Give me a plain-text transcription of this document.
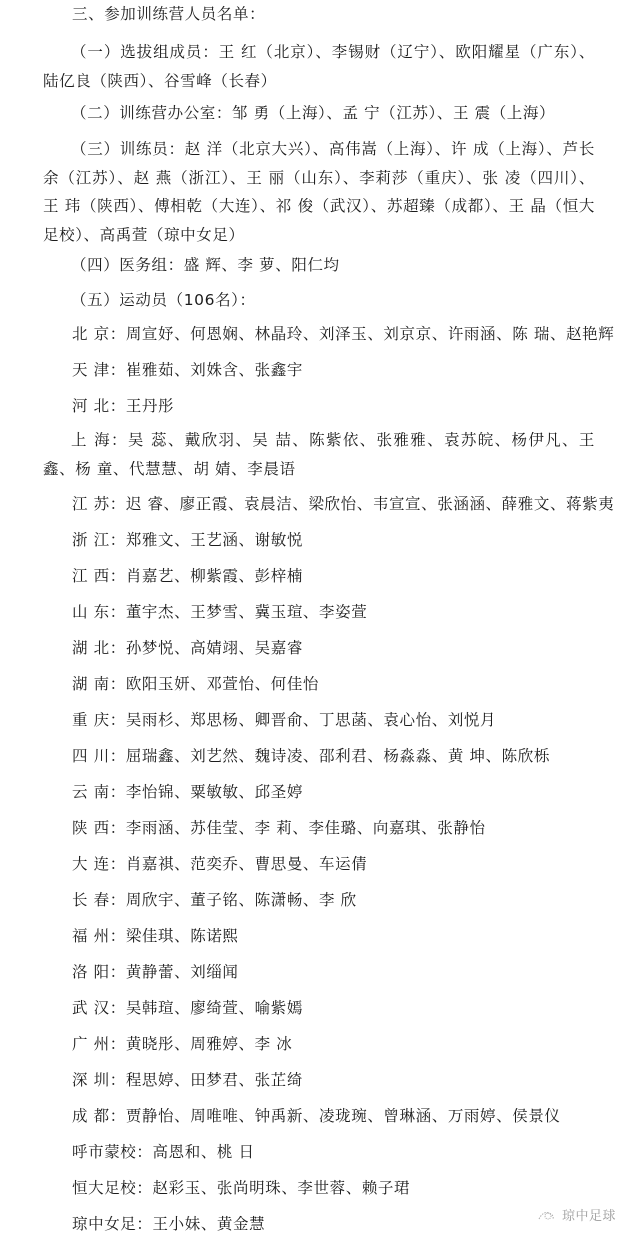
三、参加训练营人员名单：
（一）选拔组成员：王 红（北京）、李锡财（辽宁）、欧阳耀星（广东）、陆亿良（陕西）、谷雪峰（长春）
（二）训练营办公室：邹 勇（上海）、孟 宁（江苏）、王 震（上海）
（三）训练员：赵 洋（北京大兴）、高伟嵩（上海）、许 成（上海）、芦长余（江苏）、赵 燕（浙江）、王 丽（山东）、李莉莎（重庆）、张 凌（四川）、王 玮（陕西）、傅相乾（大连）、祁 俊（武汉）、苏超臻（成都）、王 晶（恒大足校）、高禹萱（琼中女足）
（四）医务组：盛 辉、李 萝、阳仁均
（五）运动员（106名）：
北 京：周宣妤、何恩娴、林晶玲、刘泽玉、刘京京、许雨涵、陈 瑞、赵艳辉
天 津：崔雅茹、刘姝含、张鑫宇
河 北：王丹彤
上 海：吴 蕊、戴欣羽、吴 喆、陈紫依、张雅雅、袁苏皖、杨伊凡、王 鑫、杨 童、代慧慧、胡 婧、李晨语
江 苏：迟 睿、廖正霞、袁晨洁、梁欣怡、韦宣宣、张涵涵、薛雅文、蒋紫夷
浙 江：郑雅文、王艺涵、谢敏悦
江 西：肖嘉艺、柳紫霞、彭梓楠
山 东：董宇杰、王梦雪、冀玉瑄、李姿萱
湖 北：孙梦悦、高婧翊、吴嘉睿
湖 南：欧阳玉妍、邓萱怡、何佳怡
重 庆：吴雨杉、郑思杨、卿晋俞、丁思菡、袁心怡、刘悦月
四 川：屈瑞鑫、刘艺然、魏诗凌、邵利君、杨淼淼、黄 坤、陈欣栎
云 南：李怡锦、粟敏敏、邱圣婷
陕 西：李雨涵、苏佳莹、李 莉、李佳璐、向嘉琪、张静怡
大 连：肖嘉祺、范奕乔、曹思曼、车运倩
长 春：周欣宇、董子铭、陈潇畅、李 欣
福 州：梁佳琪、陈诺熙
洛 阳：黄静蕾、刘缁闻
武 汉：吴韩瑄、廖绮萱、喻紫嫣
广 州：黄晓彤、周雅婷、李 冰
深 圳：程思婷、田梦君、张芷绮
成 都：贾静怡、周唯唯、钟禹新、凌珑琬、曾琳涵、万雨婷、侯景仪
呼市蒙校：高恩和、桃 日
恒大足校：赵彩玉、张尚明珠、李世蓉、赖子珺
琼中女足：王小妹、黄金慧	琼中足球
